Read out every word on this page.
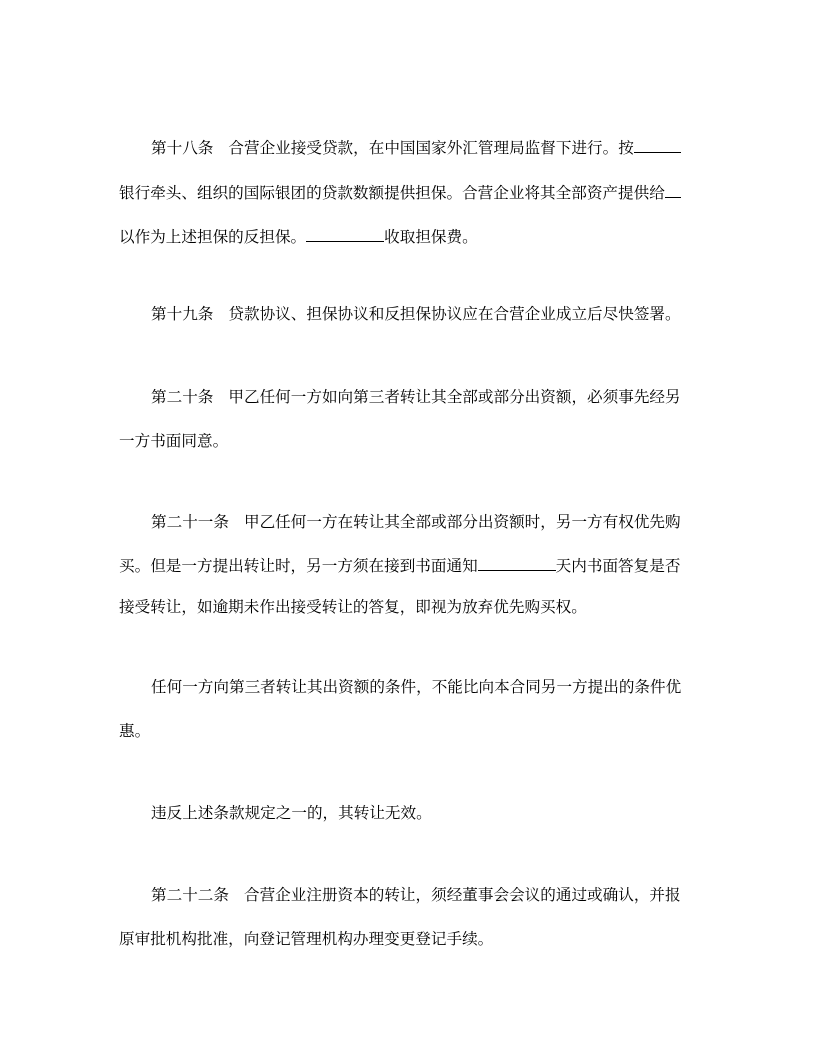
第十八条 合营企业接受贷款，在中国国家外汇管理局监督下进行。按
银行牵头、组织的国际银团的贷款数额提供担保。合营企业将其全部资产提供给
以作为上述担保的反担保。	收取担保费。
第十九条 贷款协议、担保协议和反担保协议应在合营企业成立后尽快签署。
第二十条 甲乙任何一方如向第三者转让其全部或部分出资额，必须事先经另
一方书面同意。
第二十一条 甲乙任何一方在转让其全部或部分出资额时，另一方有权优先购
买。但是一方提出转让时，另一方须在接到书面通知	天内书面答复是否
接受转让，如逾期未作出接受转让的答复，即视为放弃优先购买权。
任何一方向第三者转让其出资额的条件，不能比向本合同另一方提出的条件优
惠。
违反上述条款规定之一的，其转让无效。
第二十二条 合营企业注册资本的转让，须经董事会会议的通过或确认，并报
原审批机构批准，向登记管理机构办理变更登记手续。
